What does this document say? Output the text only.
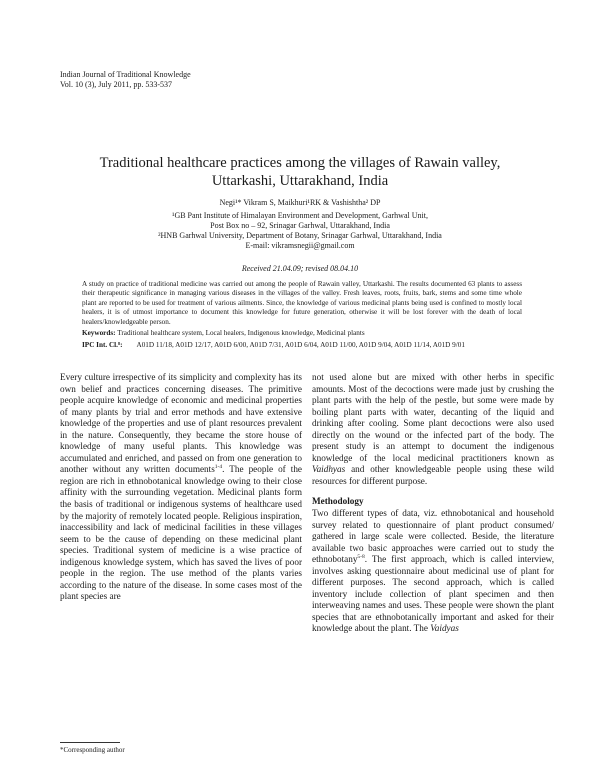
Indian Journal of Traditional Knowledge
Vol. 10 (3), July 2011, pp. 533-537
Traditional healthcare practices among the villages of Rawain valley,
Uttarkashi, Uttarakhand, India
Negi¹* Vikram S, Maikhuri¹RK & Vashishtha² DP
¹GB Pant Institute of Himalayan Environment and Development, Garhwal Unit,
Post Box no – 92, Srinagar Garhwal, Uttarakhand, India
²HNB Garhwal University, Department of Botany, Srinagar Garhwal, Uttarakhand, India
E-mail: vikramsnegii@gmail.com
Received 21.04.09; revised 08.04.10
A study on practice of traditional medicine was carried out among the people of Rawain valley, Uttarkashi. The results documented 63 plants to assess their therapeutic significance in managing various diseases in the villages of the valley. Fresh leaves, roots, fruits, bark, stems and some time whole plant are reported to be used for treatment of various ailments. Since, the knowledge of various medicinal plants being used is confined to mostly local healers, it is of utmost importance to document this knowledge for future generation, otherwise it will be lost forever with the death of local healers/knowledgeable person.
Keywords: Traditional healthcare system, Local healers, Indigenous knowledge, Medicinal plants
IPC Int. Cl.⁸: A01D 11/18, A01D 12/17, A01D 6/00, A01D 7/31, A01D 6/04, A01D 11/00, A01D 9/04, A01D 11/14, A01D 9/01

Every culture irrespective of its simplicity and complexity has its own belief and practices concerning diseases. The primitive people acquire knowledge of economic and medicinal properties of many plants by trial and error methods and have extensive knowledge of the properties and use of plant resources prevalent in the nature. Consequently, they became the store house of knowledge of many useful plants. This knowledge was accumulated and enriched, and passed on from one generation to another without any written documents$^{1-4}$. The people of the region are rich in ethnobotanical knowledge owing to their close affinity with the surrounding vegetation. Medicinal plants form the basis of traditional or indigenous systems of healthcare used by the majority of remotely located people. Religious inspiration, inaccessibility and lack of medicinal facilities in these villages seem to be the cause of depending on these medicinal plant species. Traditional system of medicine is a wise practice of indigenous knowledge system, which has saved the lives of poor people in the region. The use method of the plants varies according to the nature of the disease. In some cases most of the plant species are

not used alone but are mixed with other herbs in specific amounts. Most of the decoctions were made just by crushing the plant parts with the help of the pestle, but some were made by boiling plant parts with water, decanting of the liquid and drinking after cooling. Some plant decoctions were also used directly on the wound or the infected part of the body. The present study is an attempt to document the indigenous knowledge of the local medicinal practitioners known as Vaidhyas and other knowledgeable people using these wild resources for different purpose.

Methodology

Two different types of data, viz. ethnobotanical and household survey related to questionnaire of plant product consumed/ gathered in large scale were collected. Beside, the literature available two basic approaches were carried out to study the ethnobotany$^{5-8}$. The first approach, which is called interview, involves asking questionnaire about medicinal use of plant for different purposes. The second approach, which is called inventory include collection of plant specimen and then interweaving names and uses. These people were shown the plant species that are ethnobotanically important and asked for their knowledge about the plant. The Vaidyas

*Corresponding author
